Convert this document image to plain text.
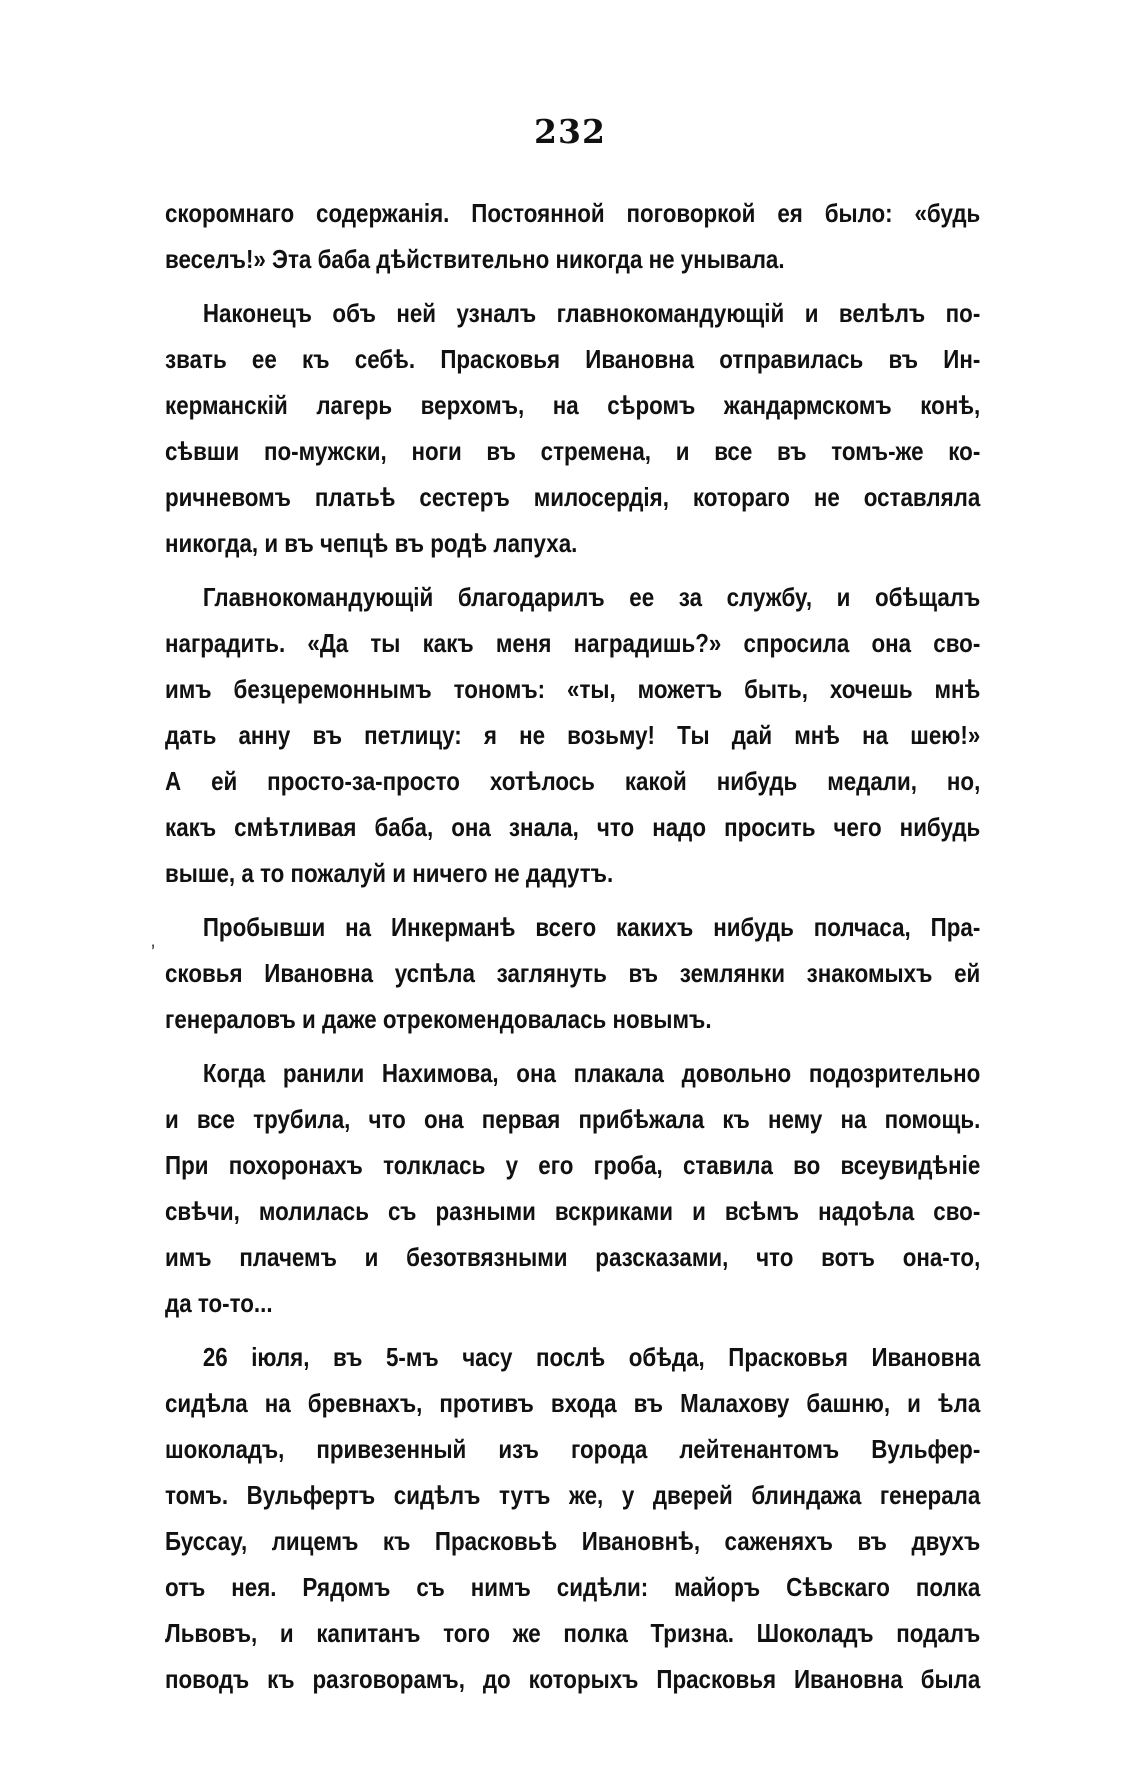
232
‚
скоромнаго содержанія. Постоянной поговоркой ея было: «будь
веселъ!» Эта баба дѣйствительно никогда не унывала.
Наконецъ объ ней узналъ главнокомандующій и велѣлъ по-
звать ее къ себѣ. Прасковья Ивановна отправилась въ Ин-
керманскій лагерь верхомъ, на сѣромъ жандармскомъ конѣ,
сѣвши по-мужски, ноги въ стремена, и все въ томъ-же ко-
ричневомъ платьѣ сестеръ милосердія, котораго не оставляла
никогда, и въ чепцѣ въ родѣ лапуха.
Главнокомандующій благодарилъ ее за службу, и обѣщалъ
наградить. «Да ты какъ меня наградишь?» спросила она сво-
имъ безцеремоннымъ тономъ: «ты, можетъ быть, хочешь мнѣ
дать анну въ петлицу: я не возьму! Ты дай мнѣ на шею!»
А ей просто-за-просто хотѣлось какой нибудь медали, но,
какъ смѣтливая баба, она знала, что надо просить чего нибудь
выше, а то пожалуй и ничего не дадутъ.
Пробывши на Инкерманѣ всего какихъ нибудь полчаса, Пра-
сковья Ивановна успѣла заглянуть въ землянки знакомыхъ ей
генераловъ и даже отрекомендовалась новымъ.
Когда ранили Нахимова, она плакала довольно подозрительно
и все трубила, что она первая прибѣжала къ нему на помощь.
При похоронахъ толклась у его гроба, ставила во всеувидѣніе
свѣчи, молилась съ разными вскриками и всѣмъ надоѣла сво-
имъ плачемъ и безотвязными разсказами, что вотъ она-то,
да то-то...
26 іюля, въ 5-мъ часу послѣ обѣда, Прасковья Ивановна
сидѣла на бревнахъ, противъ входа въ Малахову башню, и ѣла
шоколадъ, привезенный изъ города лейтенантомъ Вульфер-
томъ. Вульфертъ сидѣлъ тутъ же, у дверей блиндажа генерала
Буссау, лицемъ къ Прасковьѣ Ивановнѣ, саженяхъ въ двухъ
отъ нея. Рядомъ съ нимъ сидѣли: майоръ Сѣвскаго полка
Львовъ, и капитанъ того же полка Тризна. Шоколадъ подалъ
поводъ къ разговорамъ, до которыхъ Прасковья Ивановна была
